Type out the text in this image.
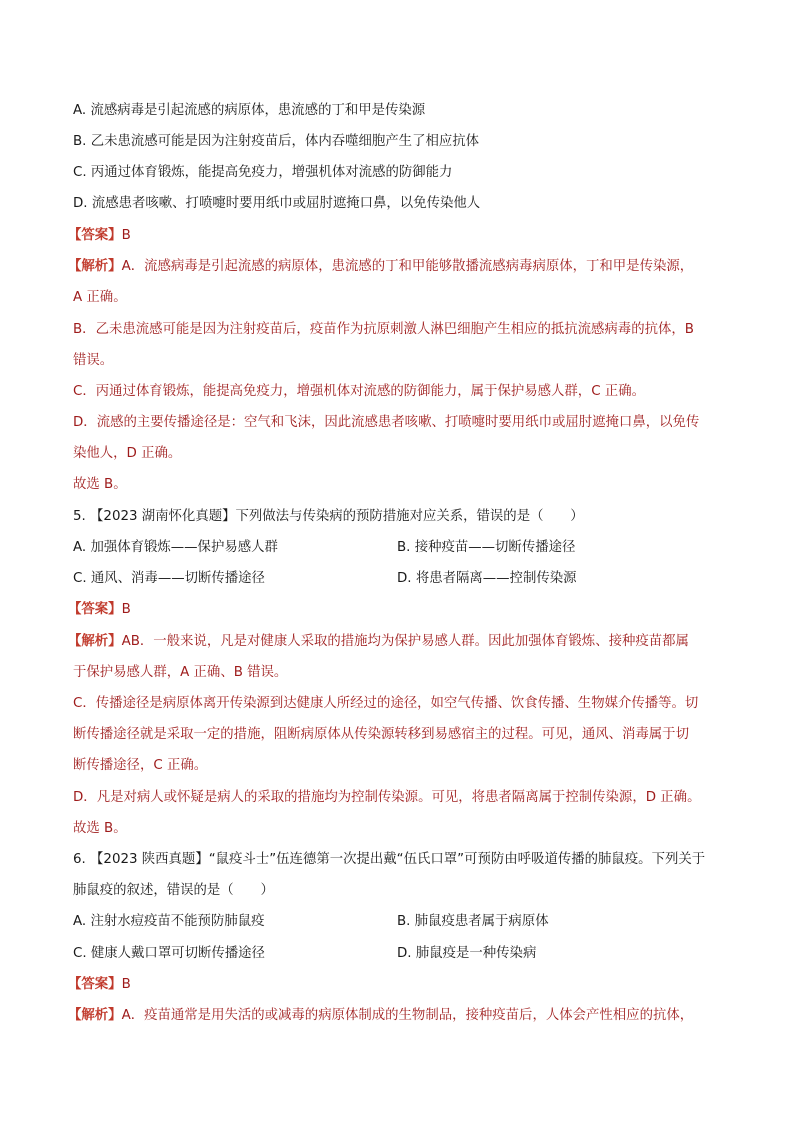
A. 流感病毒是引起流感的病原体，患流感的丁和甲是传染源
B. 乙未患流感可能是因为注射疫苗后，体内吞噬细胞产生了相应抗体
C. 丙通过体育锻炼，能提高免疫力，增强机体对流感的防御能力
D. 流感患者咳嗽、打喷嚏时要用纸巾或屈肘遮掩口鼻，以免传染他人
【答案】B
【解析】A．流感病毒是引起流感的病原体，患流感的丁和甲能够散播流感病毒病原体，丁和甲是传染源，
A 正确。
B．乙未患流感可能是因为注射疫苗后，疫苗作为抗原刺激人淋巴细胞产生相应的抵抗流感病毒的抗体，B
错误。
C．丙通过体育锻炼，能提高免疫力，增强机体对流感的防御能力，属于保护易感人群，C 正确。
D．流感的主要传播途径是：空气和飞沫，因此流感患者咳嗽、打喷嚏时要用纸巾或屈肘遮掩口鼻，以免传
染他人，D 正确。
故选 B。
5. 【2023 湖南怀化真题】下列做法与传染病的预防措施对应关系，错误的是（　　）
A. 加强体育锻炼——保护易感人群	B. 接种疫苗——切断传播途径
C. 通风、消毒——切断传播途径	D. 将患者隔离——控制传染源
【答案】B
【解析】AB．一般来说，凡是对健康人采取的措施均为保护易感人群。因此加强体育锻炼、接种疫苗都属
于保护易感人群，A 正确、B 错误。
C．传播途径是病原体离开传染源到达健康人所经过的途径，如空气传播、饮食传播、生物媒介传播等。切
断传播途径就是采取一定的措施，阻断病原体从传染源转移到易感宿主的过程。可见，通风、消毒属于切
断传播途径，C 正确。
D．凡是对病人或怀疑是病人的采取的措施均为控制传染源。可见，将患者隔离属于控制传染源，D 正确。
故选 B。
6. 【2023 陕西真题】“鼠疫斗士”伍连德第一次提出戴“伍氏口罩”可预防由呼吸道传播的肺鼠疫。下列关于
肺鼠疫的叙述，错误的是（　　）
A. 注射水痘疫苗不能预防肺鼠疫	B. 肺鼠疫患者属于病原体
C. 健康人戴口罩可切断传播途径	D. 肺鼠疫是一种传染病
【答案】B
【解析】A．疫苗通常是用失活的或减毒的病原体制成的生物制品，接种疫苗后，人体会产性相应的抗体，
